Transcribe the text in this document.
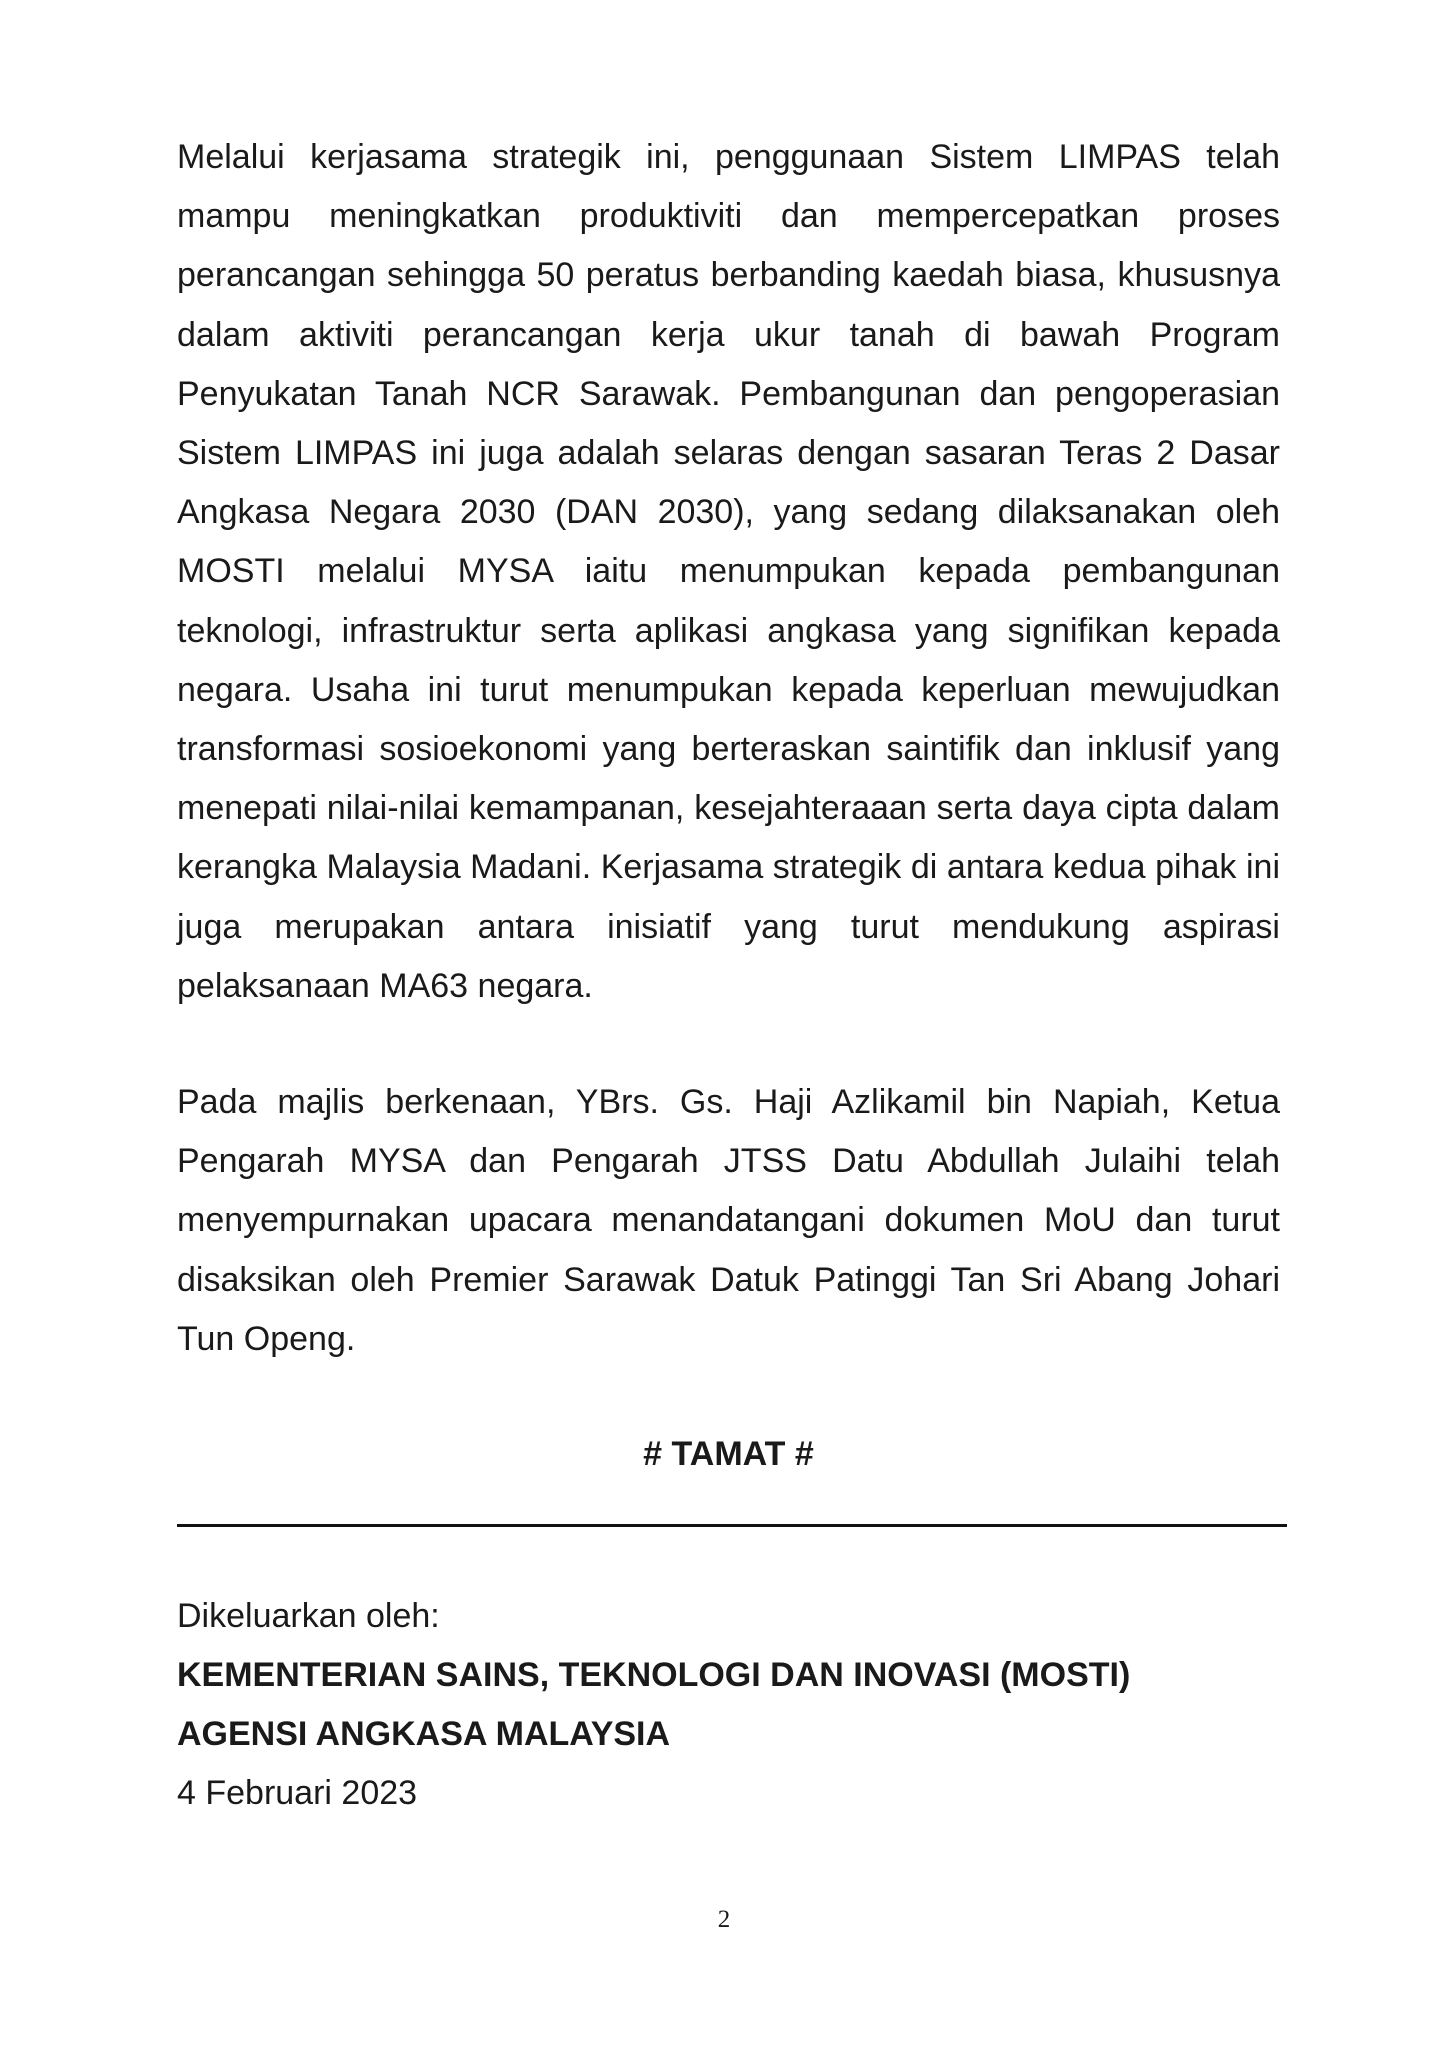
Melalui kerjasama strategik ini, penggunaan Sistem LIMPAS telah mampu meningkatkan produktiviti dan mempercepatkan proses perancangan sehingga 50 peratus berbanding kaedah biasa, khususnya dalam aktiviti perancangan kerja ukur tanah di bawah Program Penyukatan Tanah NCR Sarawak. Pembangunan dan pengoperasian Sistem LIMPAS ini juga adalah selaras dengan sasaran Teras 2 Dasar Angkasa Negara 2030 (DAN 2030), yang sedang dilaksanakan oleh MOSTI melalui MYSA iaitu menumpukan kepada pembangunan teknologi, infrastruktur serta aplikasi angkasa yang signifikan kepada negara. Usaha ini turut menumpukan kepada keperluan mewujudkan transformasi sosioekonomi yang berteraskan saintifik dan inklusif yang menepati nilai-nilai kemampanan, kesejahteraaan serta daya cipta dalam kerangka Malaysia Madani. Kerjasama strategik di antara kedua pihak ini juga merupakan antara inisiatif yang turut mendukung aspirasi pelaksanaan MA63 negara.

Pada majlis berkenaan, YBrs. Gs. Haji Azlikamil bin Napiah, Ketua Pengarah MYSA dan Pengarah JTSS Datu Abdullah Julaihi telah menyempurnakan upacara menandatangani dokumen MoU dan turut disaksikan oleh Premier Sarawak Datuk Patinggi Tan Sri Abang Johari Tun Openg.

# TAMAT #
Dikeluarkan oleh:
KEMENTERIAN SAINS, TEKNOLOGI DAN INOVASI (MOSTI)
AGENSI ANGKASA MALAYSIA
4 Februari 2023
2
